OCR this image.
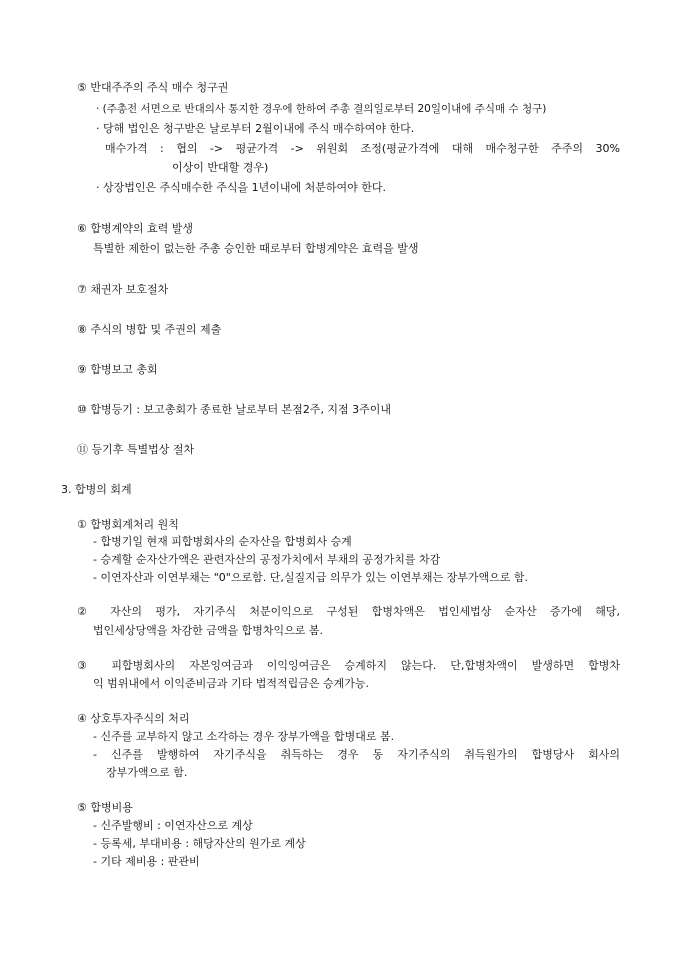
⑤ 반대주주의 주식 매수 청구권
· (주총전 서면으로 반대의사 통지한 경우에 한하여 주총 결의일로부터 20일이내에 주식매 수 청구)
· 당해 법인은 청구받은 날로부터 2월이내에 주식 매수하여야 한다.
매수가격 : 협의 -> 평균가격 -> 위원회 조정(평균가격에 대해 매수청구한 주주의 30%
이상이 반대할 경우)
· 상장법인은 주식매수한 주식을 1년이내에 처분하여야 한다.
⑥ 합병계약의 효력 발생
특별한 제한이 없는한 주총 승인한 때로부터 합병계약은 효력을 발생
⑦ 채권자 보호절차
⑧ 주식의 병합 및 주권의 제출
⑨ 합병보고 총회
⑩ 합병등기 : 보고총회가 종료한 날로부터 본점2주, 지점 3주이내
⑪ 등기후 특별법상 절차
3. 합병의 회계
① 합병회계처리 원칙
- 합병기일 현재 피합병회사의 순자산을 합병회사 승계
- 승계할 순자산가액은 관련자산의 공정가치에서 부채의 공정가치를 차감
- 이연자산과 이연부채는 "0"으로함. 단,실질지급 의무가 있는 이연부채는 장부가액으로 함.
② 자산의 평가, 자기주식 처분이익으로 구성된 합병차액은 법인세법상 순자산 증가에 해당,
법인세상당액을 차감한 금액을 합병차익으로 봄.
③ 피합병회사의 자본잉여금과 이익잉여금은 승계하지 않는다. 단,합병차액이 발생하면 합병차
익 범위내에서 이익준비금과 기타 법적적립금은 승계가능.
④ 상호투자주식의 처리
- 신주를 교부하지 않고 소각하는 경우 장부가액을 합병대로 봄.
- 신주를 발행하여 자기주식을 취득하는 경우 동 자기주식의 취득원가의 합병당사 회사의
장부가액으로 함.
⑤ 합병비용
- 신주발행비 : 이연자산으로 계상
- 등록세, 부대비용 : 해당자산의 원가로 계상
- 기타 제비용 : 판관비
